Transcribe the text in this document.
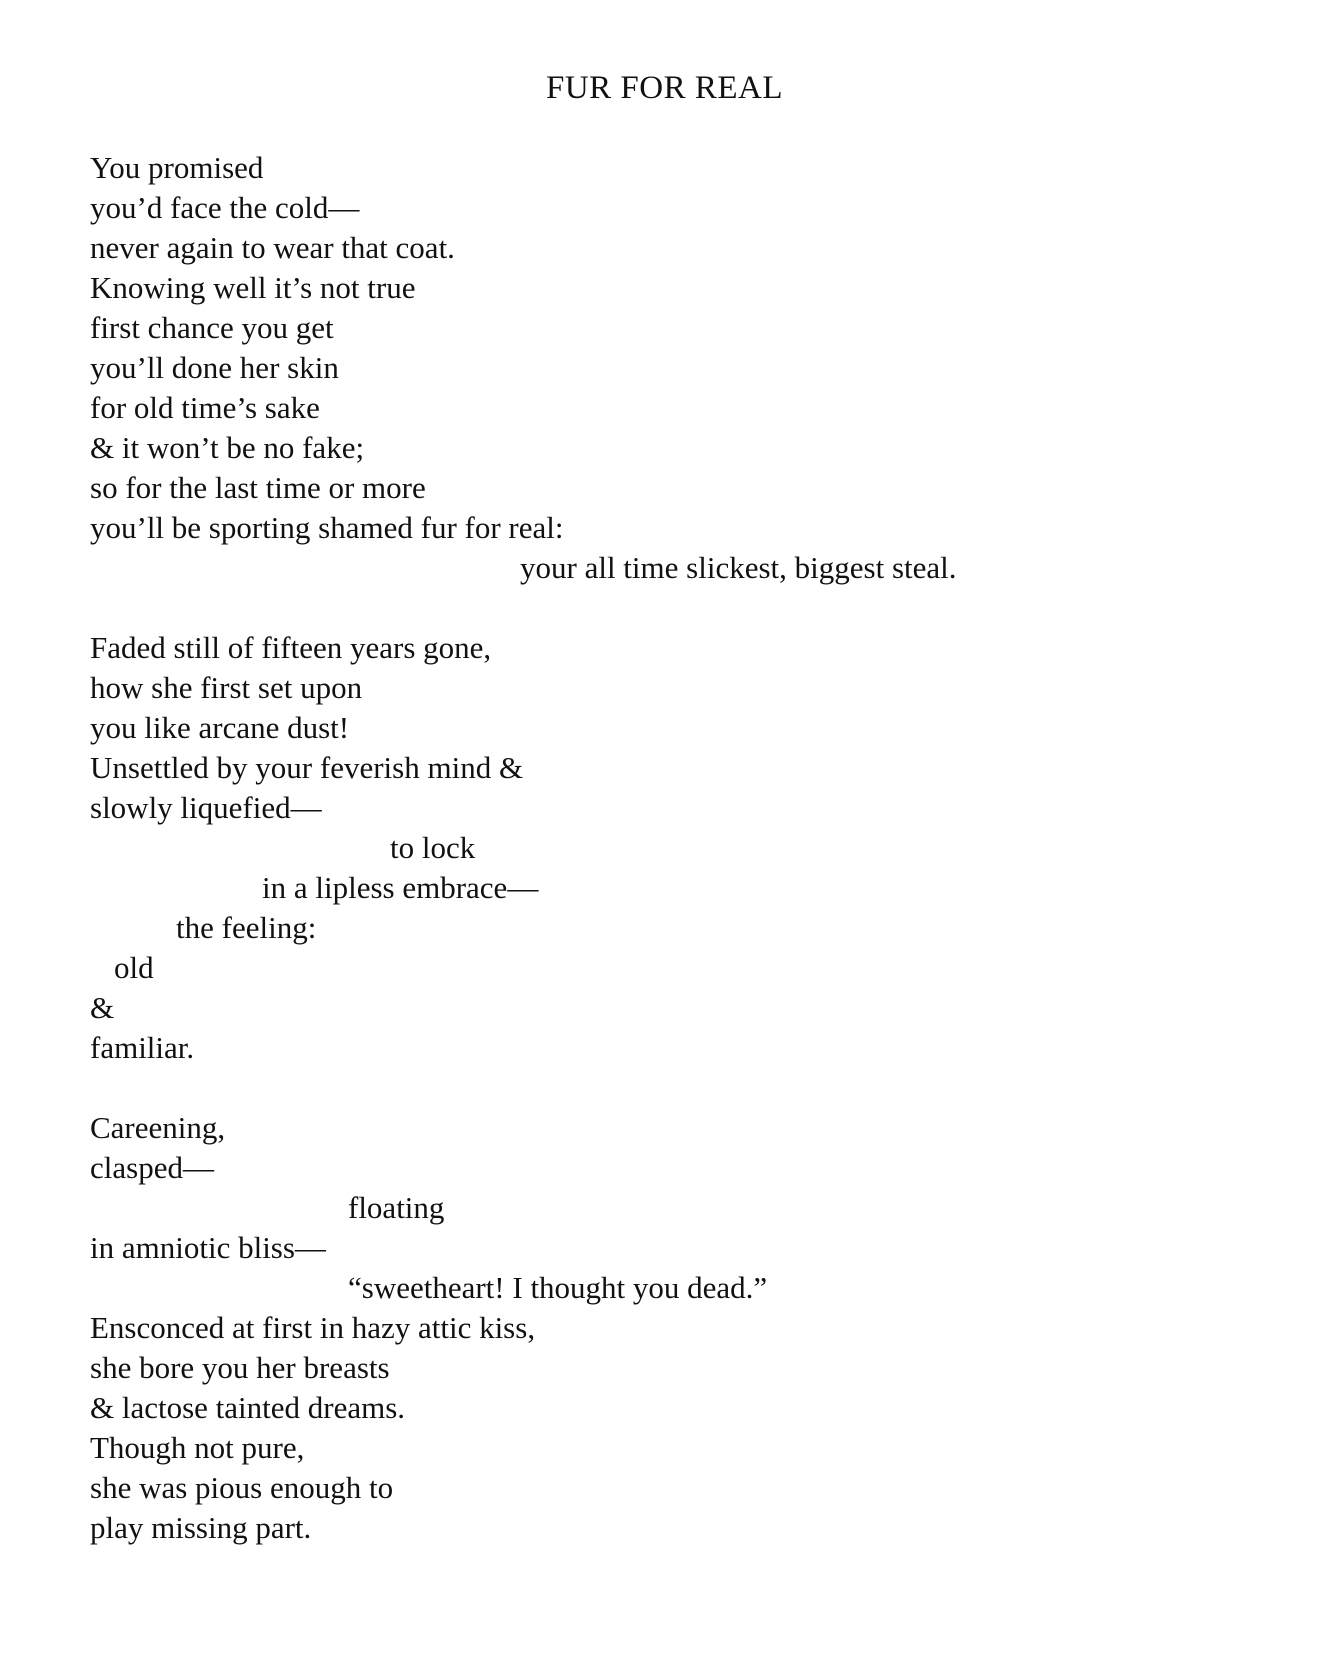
FUR FOR REAL
You promised
you’d face the cold—
never again to wear that coat.
Knowing well it’s not true
first chance you get
you’ll done her skin
for old time’s sake
& it won’t be no fake;
so for the last time or more
you’ll be sporting shamed fur for real:
your all time slickest, biggest steal.
Faded still of fifteen years gone,
how she first set upon
you like arcane dust!
Unsettled by your feverish mind &
slowly liquefied—
to lock
in a lipless embrace—
the feeling:
old
&
familiar.
Careening,
clasped—
floating
in amniotic bliss—
“sweetheart! I thought you dead.”
Ensconced at first in hazy attic kiss,
she bore you her breasts
& lactose tainted dreams.
Though not pure,
she was pious enough to
play missing part.
